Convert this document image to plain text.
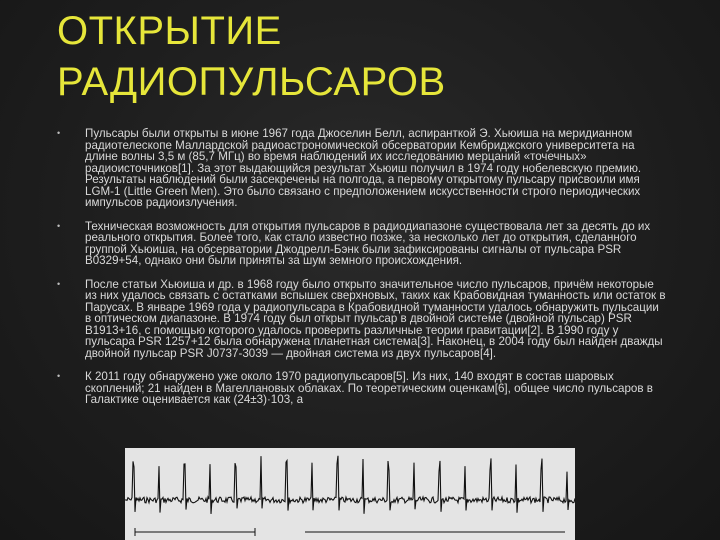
ОТКРЫТИЕ
РАДИОПУЛЬСАРОВ
• Пульсары были открыты в июне 1967 года Джоселин Белл, аспиранткой Э. Хьюиша на меридианном радиотелескопе Маллардской радиоастрономической обсерватории Кембриджского университета на длине волны 3,5 м (85,7 МГц) во время наблюдений их исследованию мерцаний «точечных» радиоисточников[1]. За этот выдающийся результат Хьюиш получил в 1974 году нобелевскую премию. Результаты наблюдений были засекречены на полгода, а первому открытому пульсару присвоили имя LGM-1 (Little Green Men). Это было связано с предположением искусственности строго периодических импульсов радиоизлучения.
• Техническая возможность для открытия пульсаров в радиодиапазоне существовала лет за десять до их реального открытия. Более того, как стало известно позже, за несколько лет до открытия, сделанного группой Хьюиша, на обсерватории Джодрелл-Бэнк были зафиксированы сигналы от пульсара PSR B0329+54, однако они были приняты за шум земного происхождения.
• После статьи Хьюиша и др. в 1968 году было открыто значительное число пульсаров, причём некоторые из них удалось связать с остатками вспышек сверхновых, таких как Крабовидная туманность или остаток в Парусах. В январе 1969 года у радиопульсара в Крабовидной туманности удалось обнаружить пульсации в оптическом диапазоне. В 1974 году был открыт пульсар в двойной системе (двойной пульсар) PSR B1913+16, с помощью которого удалось проверить различные теории гравитации[2]. В 1990 году у пульсара PSR 1257+12 была обнаружена планетная система[3]. Наконец, в 2004 году был найден дважды двойной пульсар PSR J0737-3039 — двойная система из двух пульсаров[4].
• К 2011 году обнаружено уже около 1970 радиопульсаров[5]. Из них, 140 входят в состав шаровых скоплений; 21 найден в Магеллановых облаках. По теоретическим оценкам[6], общее число пульсаров в Галактике оценивается как (24±3)·103, а
